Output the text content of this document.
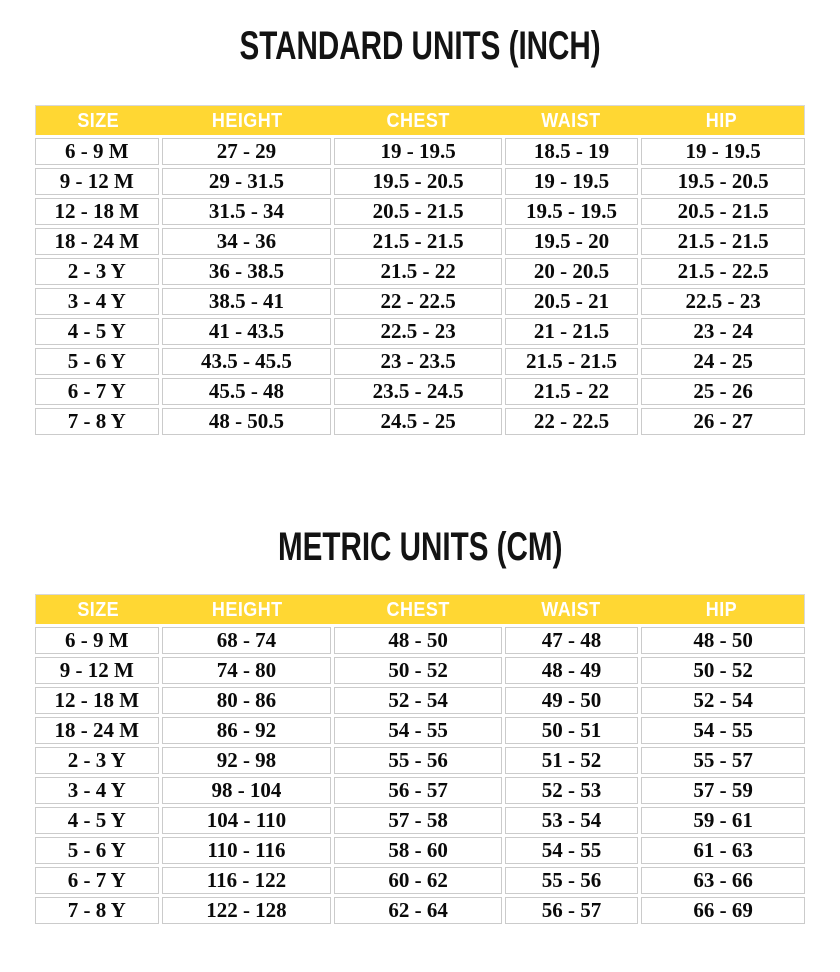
STANDARD UNITS (INCH)
SIZE	HEIGHT	CHEST	WAIST	HIP
6 - 9 M	27 - 29	19 - 19.5	18.5 - 19	19 - 19.5
9 - 12 M	29 - 31.5	19.5 - 20.5	19 - 19.5	19.5 - 20.5
12 - 18 M	31.5 - 34	20.5 - 21.5	19.5 - 19.5	20.5 - 21.5
18 - 24 M	34 - 36	21.5 - 21.5	19.5 - 20	21.5 - 21.5
2 - 3 Y	36 - 38.5	21.5 - 22	20 - 20.5	21.5 - 22.5
3 - 4 Y	38.5 - 41	22 - 22.5	20.5 - 21	22.5 - 23
4 - 5 Y	41 - 43.5	22.5 - 23	21 - 21.5	23 - 24
5 - 6 Y	43.5 - 45.5	23 - 23.5	21.5 - 21.5	24 - 25
6 - 7 Y	45.5 - 48	23.5 - 24.5	21.5 - 22	25 - 26
7 - 8 Y	48 - 50.5	24.5 - 25	22 - 22.5	26 - 27
METRIC UNITS (CM)
SIZE	HEIGHT	CHEST	WAIST	HIP
6 - 9 M	68 - 74	48 - 50	47 - 48	48 - 50
9 - 12 M	74 - 80	50 - 52	48 - 49	50 - 52
12 - 18 M	80 - 86	52 - 54	49 - 50	52 - 54
18 - 24 M	86 - 92	54 - 55	50 - 51	54 - 55
2 - 3 Y	92 - 98	55 - 56	51 - 52	55 - 57
3 - 4 Y	98 - 104	56 - 57	52 - 53	57 - 59
4 - 5 Y	104 - 110	57 - 58	53 - 54	59 - 61
5 - 6 Y	110 - 116	58 - 60	54 - 55	61 - 63
6 - 7 Y	116 - 122	60 - 62	55 - 56	63 - 66
7 - 8 Y	122 - 128	62 - 64	56 - 57	66 - 69
